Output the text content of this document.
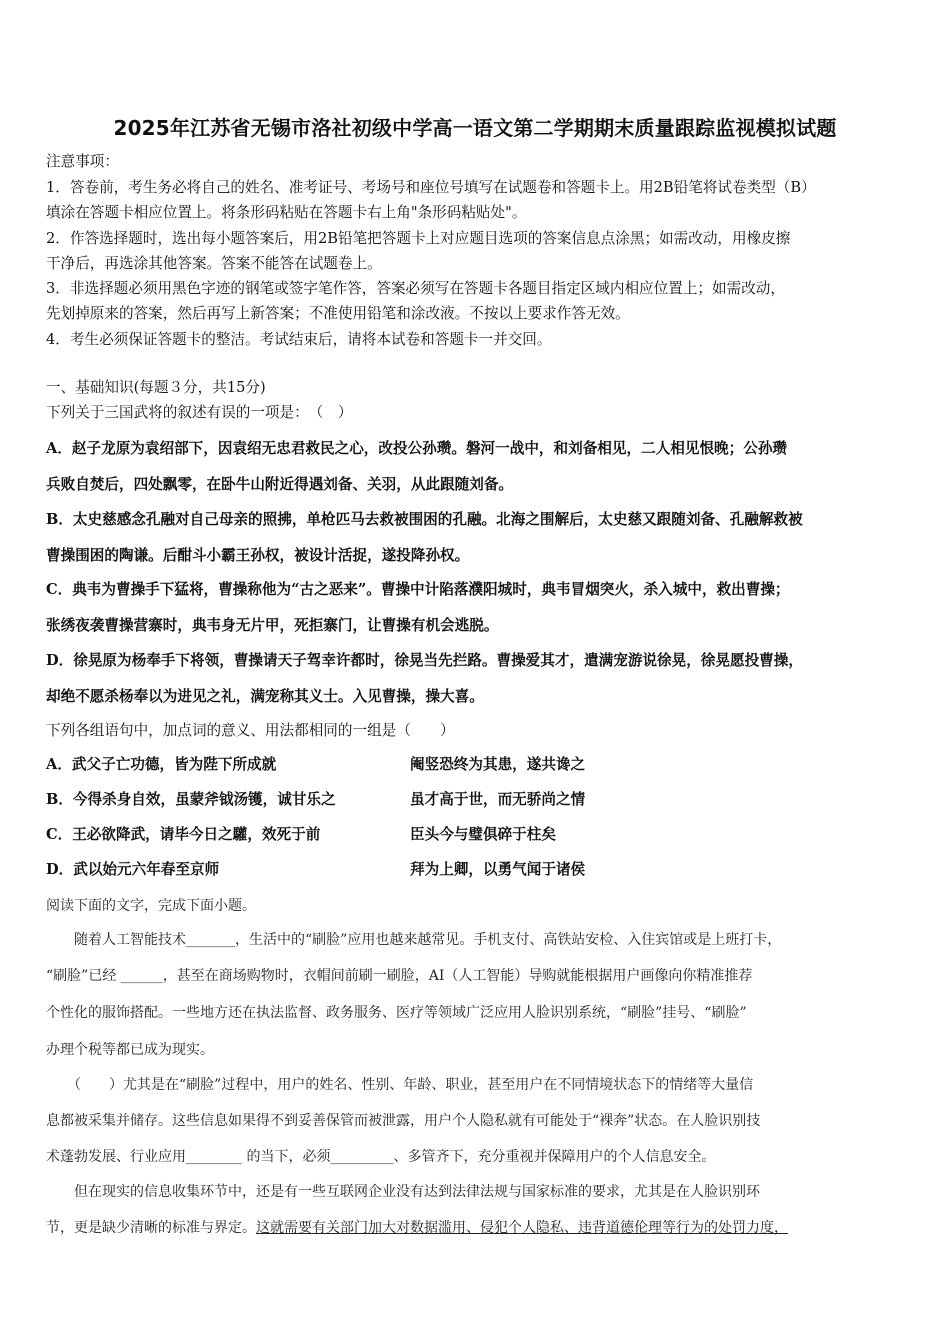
2025年江苏省无锡市洛社初级中学高一语文第二学期期末质量跟踪监视模拟试题
注意事项：
1．答卷前，考生务必将自己的姓名、准考证号、考场号和座位号填写在试题卷和答题卡上。用2B铅笔将试卷类型（B）
填涂在答题卡相应位置上。将条形码粘贴在答题卡右上角"条形码粘贴处"。
2．作答选择题时，选出每小题答案后，用2B铅笔把答题卡上对应题目选项的答案信息点涂黑；如需改动，用橡皮擦
干净后，再选涂其他答案。答案不能答在试题卷上。
3．非选择题必须用黑色字迹的钢笔或签字笔作答，答案必须写在答题卡各题目指定区域内相应位置上；如需改动，
先划掉原来的答案，然后再写上新答案；不准使用铅笔和涂改液。不按以上要求作答无效。
4．考生必须保证答题卡的整洁。考试结束后，请将本试卷和答题卡一并交回。
一、基础知识(每题３分，共15分)
下列关于三国武将的叙述有误的一项是：　（　）
A．赵子龙原为袁绍部下，因袁绍无忠君救民之心，改投公孙瓒。磐河一战中，和刘备相见，二人相见恨晚；公孙瓒
兵败自焚后，四处飘零，在卧牛山附近得遇刘备、关羽，从此跟随刘备。
B．太史慈感念孔融对自己母亲的照拂，单枪匹马去救被围困的孔融。北海之围解后，太史慈又跟随刘备、孔融解救被
曹操围困的陶谦。后酣斗小霸王孙权，被设计活捉，遂投降孙权。
C．典韦为曹操手下猛将，曹操称他为“古之恶来”。曹操中计陷落濮阳城时，典韦冒烟突火，杀入城中，救出曹操；
张绣夜袭曹操营寨时，典韦身无片甲，死拒寨门，让曹操有机会逃脱。
D．徐晃原为杨奉手下将领，曹操请天子驾幸许都时，徐晃当先拦路。曹操爱其才，遣满宠游说徐晃，徐晃愿投曹操，
却绝不愿杀杨奉以为进见之礼，满宠称其义士。入见曹操，操大喜。
下列各组语句中，加点词的意义、用法都相同的一组是（　　）
A．武父子亡功德，皆为陛下所成就	阉竖恐终为其患，遂共谗之
B．今得杀身自效，虽蒙斧钺汤镬，诚甘乐之	虽才高于世，而无骄尚之情
C．王必欲降武，请毕今日之驩，效死于前	臣头今与璧俱碎于柱矣
D．武以始元六年春至京师	拜为上卿，以勇气闻于诸侯
阅读下面的文字，完成下面小题。
　　随着人工智能技术_______，生活中的“刷脸”应用也越来越常见。手机支付、高铁站安检、入住宾馆或是上班打卡，
“刷脸”已经 ______，甚至在商场购物时，衣帽间前刷一刷脸，AI（人工智能）导购就能根据用户画像向你精准推荐
个性化的服饰搭配。一些地方还在执法监督、政务服务、医疗等领域广泛应用人脸识别系统，“刷脸”挂号、“刷脸”
办理个税等都已成为现实。
　　（　　）尤其是在“刷脸”过程中，用户的姓名、性别、年龄、职业，甚至用户在不同情境状态下的情绪等大量信
息都被采集并储存。这些信息如果得不到妥善保管而被泄露，用户个人隐私就有可能处于“裸奔”状态。在人脸识别技
术蓬勃发展、行业应用________ 的当下，必须_________、多管齐下，充分重视并保障用户的个人信息安全。
　　但在现实的信息收集环节中，还是有一些互联网企业没有达到法律法规与国家标准的要求，尤其是在人脸识别环
节，更是缺少清晰的标准与界定。这就需要有关部门加大对数据滥用、侵犯个人隐私、违背道德伦理等行为的处罚力度，
